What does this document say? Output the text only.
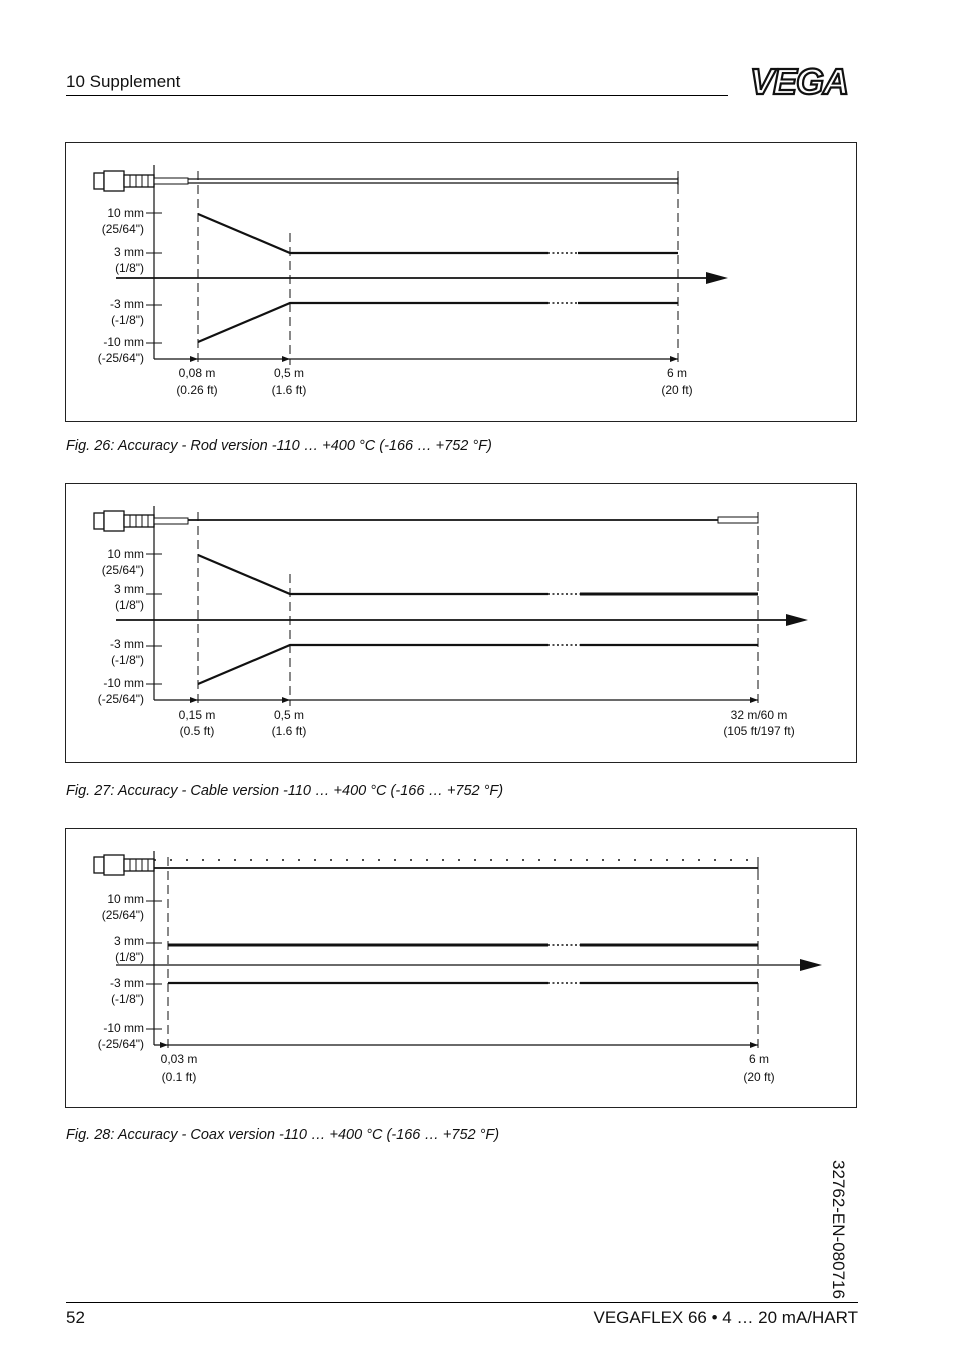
10 Supplement	VEGA
10 mm
(25/64")
3 mm
(1/8")
-3 mm
(-1/8")
-10 mm
(-25/64")
0,08 m
(0.26 ft)
0,5 m
(1.6 ft)
6 m
(20 ft)
Fig. 26: Accuracy - Rod version -110 … +400 °C (-166 … +752 °F)
10 mm
(25/64")
3 mm
(1/8")
-3 mm
(-1/8")
-10 mm
(-25/64")
0,15 m
(0.5 ft)
0,5 m
(1.6 ft)
32 m/60 m
(105 ft/197 ft)
Fig. 27: Accuracy - Cable version -110 … +400 °C (-166 … +752 °F)
10 mm
(25/64")
3 mm
(1/8")
-3 mm
(-1/8")
-10 mm
(-25/64")
0,03 m
(0.1 ft)
6 m
(20 ft)
Fig. 28: Accuracy - Coax version -110 … +400 °C (-166 … +752 °F)
32762-EN-080716
52	VEGAFLEX 66 • 4 … 20 mA/HART
